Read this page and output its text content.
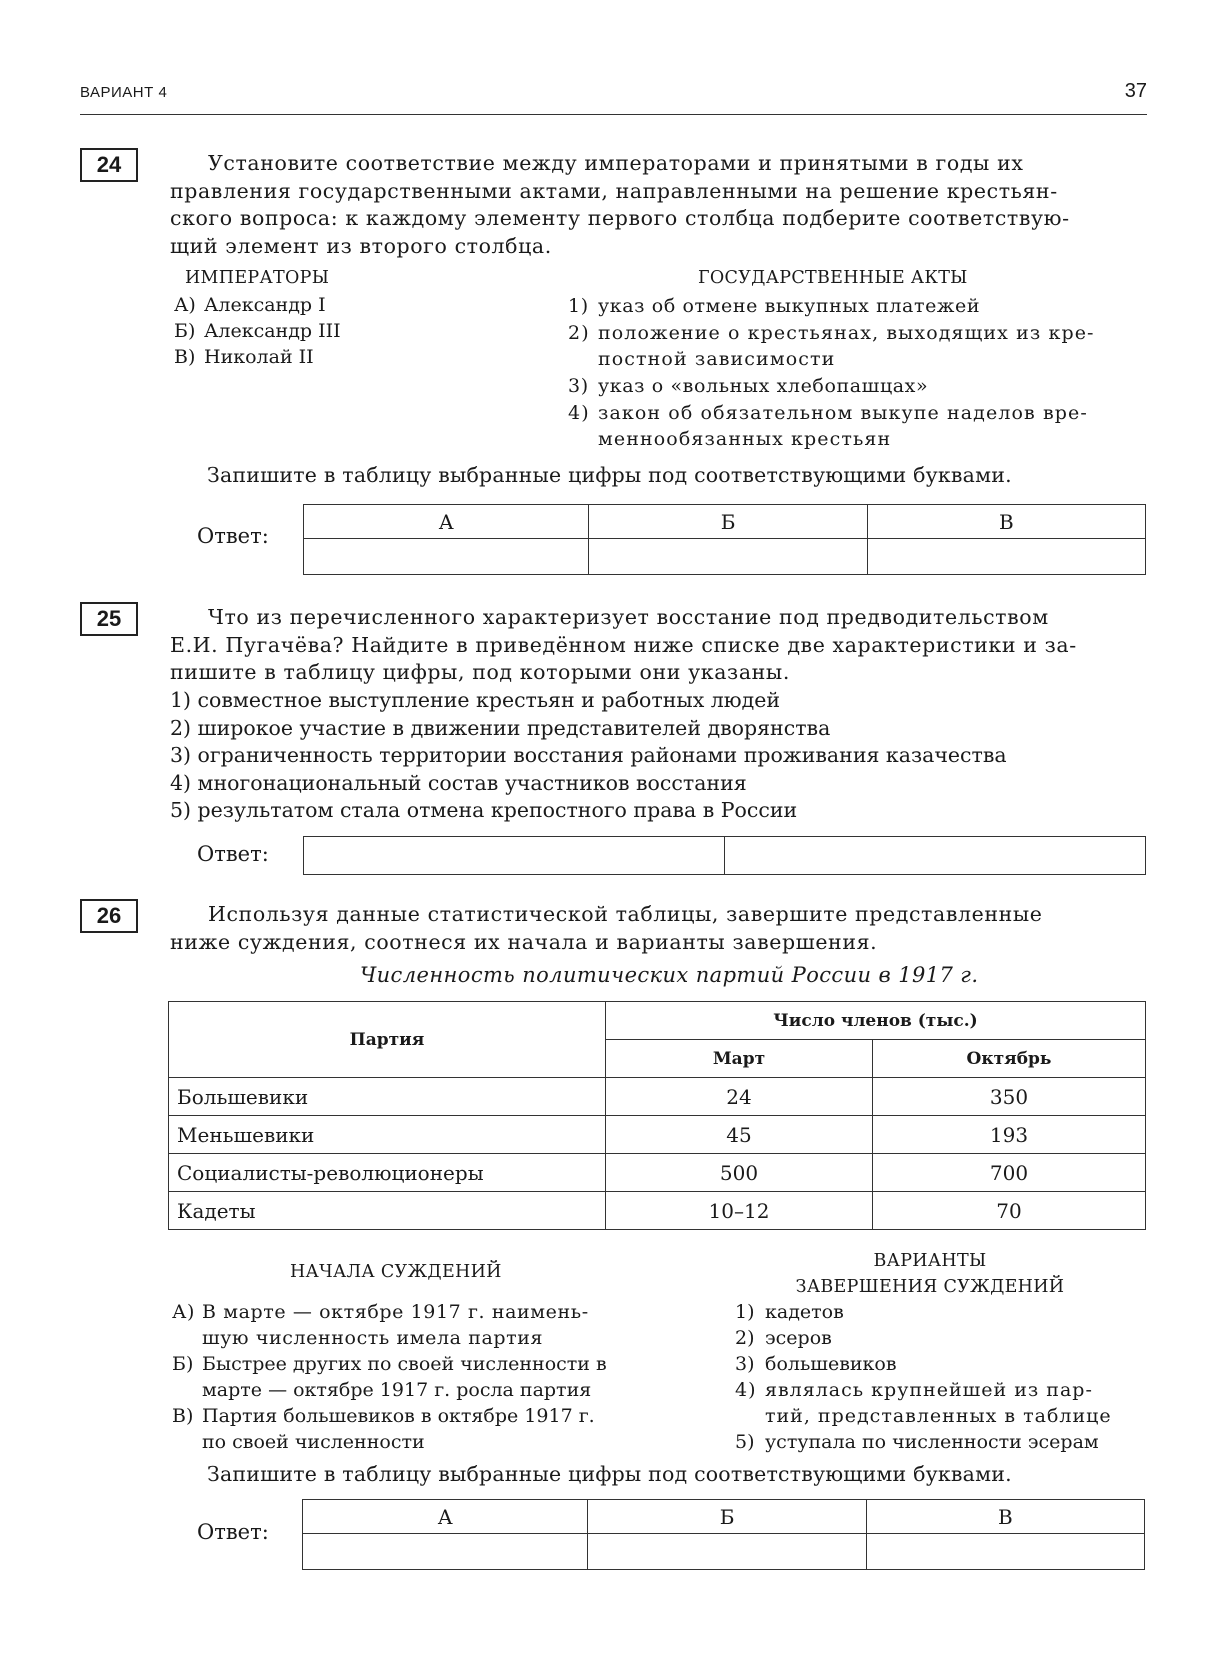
ВАРИАНТ 4	37
24	Установите соответствие между императорами и принятыми в годы их
правления государственными актами, направленными на решение крестьян-
ского вопроса: к каждому элементу первого столбца подберите соответствую-
щий элемент из второго столбца.
ИМПЕРАТОРЫ	ГОСУДАРСТВЕННЫЕ АКТЫ
А) Александр I
Б) Александр III
В) Николай II
1) указ об отмене выкупных платежей
2) положение о крестьянах, выходящих из кре-
постной зависимости
3) указ о «вольных хлебопашцах»
4) закон об обязательном выкупе наделов вре-
меннообязанных крестьян
Запишите в таблицу выбранные цифры под соответствующими буквами.
Ответ:
А	Б	В

25	Что из перечисленного характеризует восстание под предводительством
Е.И. Пугачёва? Найдите в приведённом ниже списке две характеристики и за-
пишите в таблицу цифры, под которыми они указаны.
1) совместное выступление крестьян и работных людей
2) широкое участие в движении представителей дворянства
3) ограниченность территории восстания районами проживания казачества
4) многонациональный состав участников восстания
5) результатом стала отмена крепостного права в России
Ответ:

26	Используя данные статистической таблицы, завершите представленные
ниже суждения, соотнеся их начала и варианты завершения.
Численность политических партий России в 1917 г.
Партия	Число членов (тыс.)	
	Март	Октябрь
Большевики	24	350
Меньшевики	45	193
Социалисты-революционеры	500	700
Кадеты	10–12	70
НАЧАЛА СУЖДЕНИЙ
ВАРИАНТЫ
ЗАВЕРШЕНИЯ СУЖДЕНИЙ
А) В марте — октябре 1917 г. наимень-
шую численность имела партия
Б) Быстрее других по своей численности в
марте — октябре 1917 г. росла партия
В) Партия большевиков в октябре 1917 г.
по своей численности
1) кадетов
2) эсеров
3) большевиков
4) являлась крупнейшей из пар-
тий, представленных в таблице
5) уступала по численности эсерам
Запишите в таблицу выбранные цифры под соответствующими буквами.
Ответ:
А	Б	В
